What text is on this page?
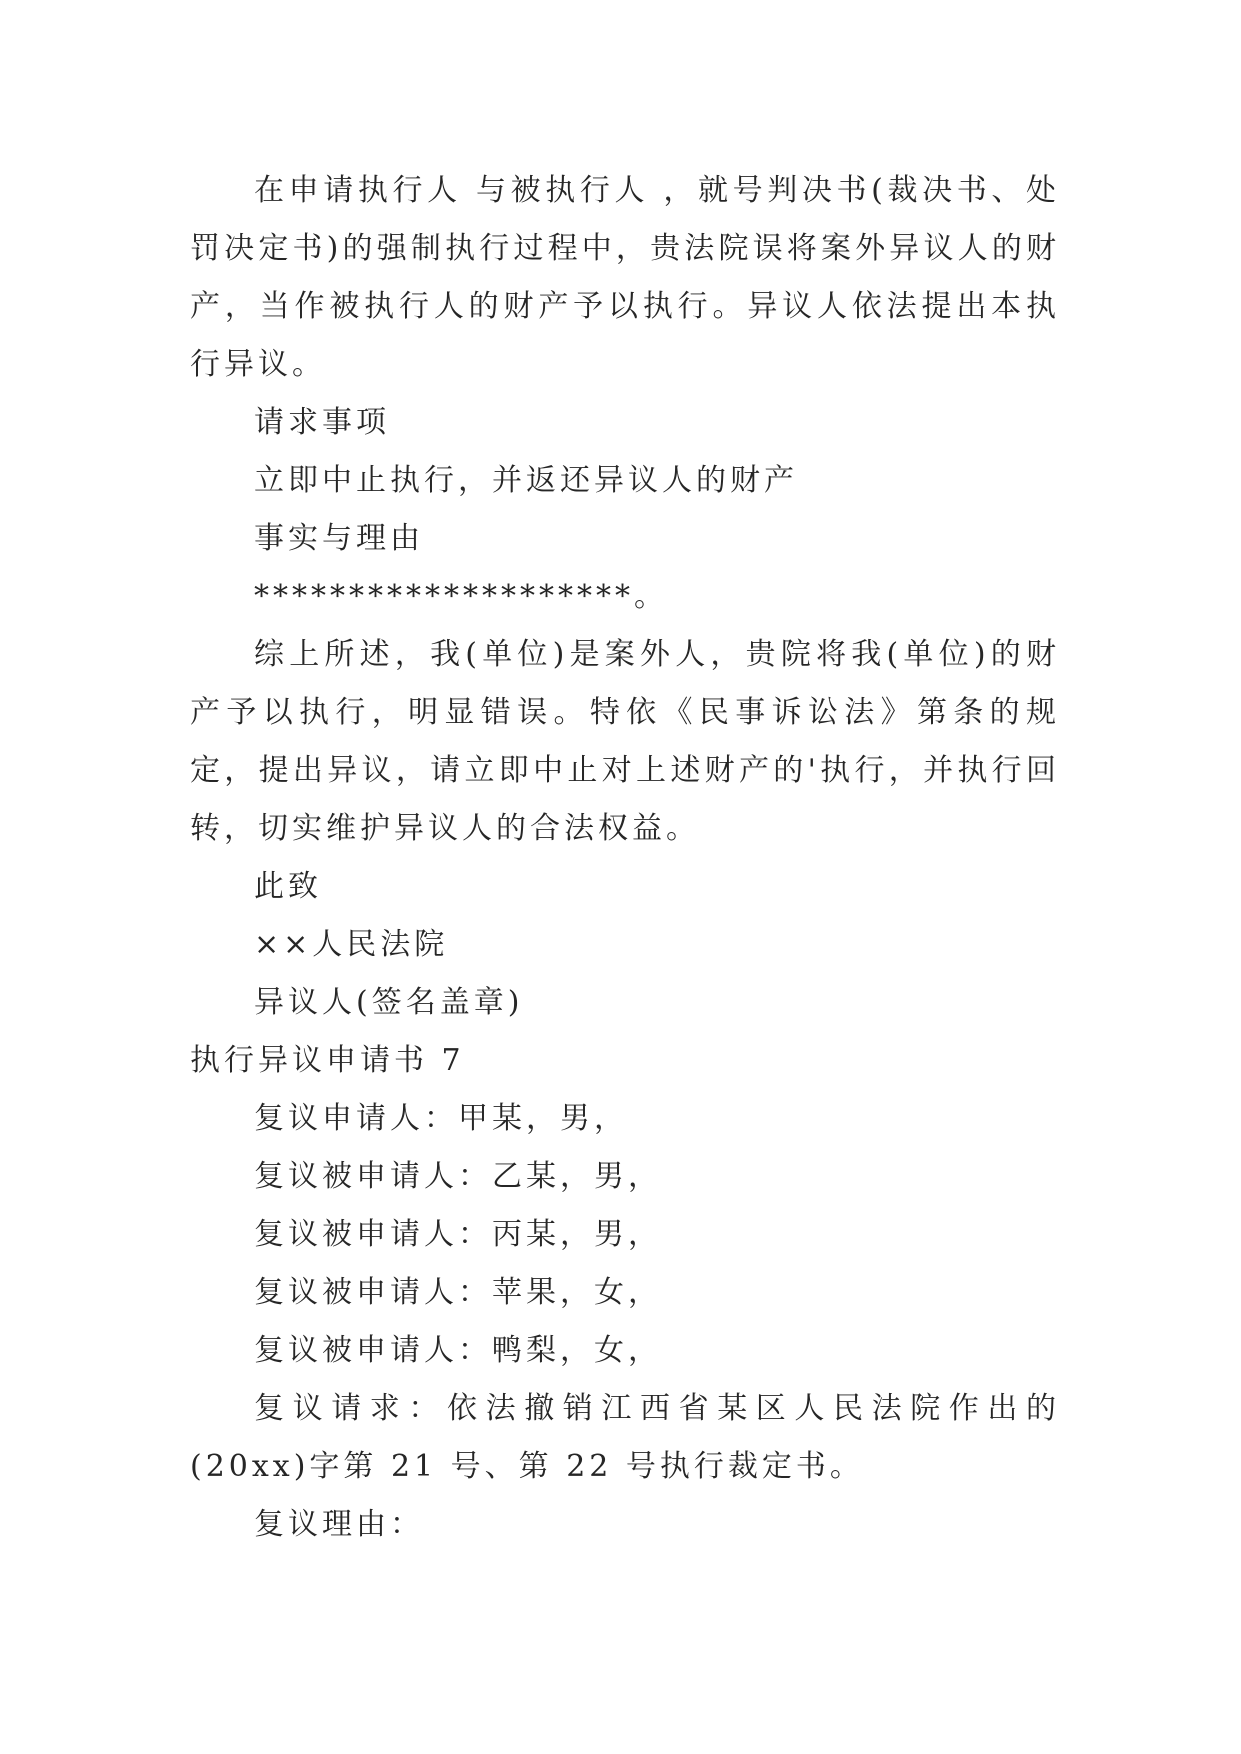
在申请执行人 与被执行人 ，就号判决书(裁决书、处罚决定书)的强制执行过程中，贵法院误将案外异议人的财产，当作被执行人的财产予以执行。异议人依法提出本执行异议。

请求事项

立即中止执行，并返还异议人的财产

事实与理由

********************。

综上所述，我(单位)是案外人，贵院将我(单位)的财产予以执行，明显错误。特依《民事诉讼法》第条的规定，提出异议，请立即中止对上述财产的'执行，并执行回转，切实维护异议人的合法权益。

此致

××人民法院

异议人(签名盖章)

执行异议申请书 7

复议申请人：甲某，男，

复议被申请人：乙某，男，

复议被申请人：丙某，男，

复议被申请人：苹果，女，

复议被申请人：鸭梨，女，

复议请求：依法撤销江西省某区人民法院作出的(20xx)字第 21 号、第 22 号执行裁定书。

复议理由：
